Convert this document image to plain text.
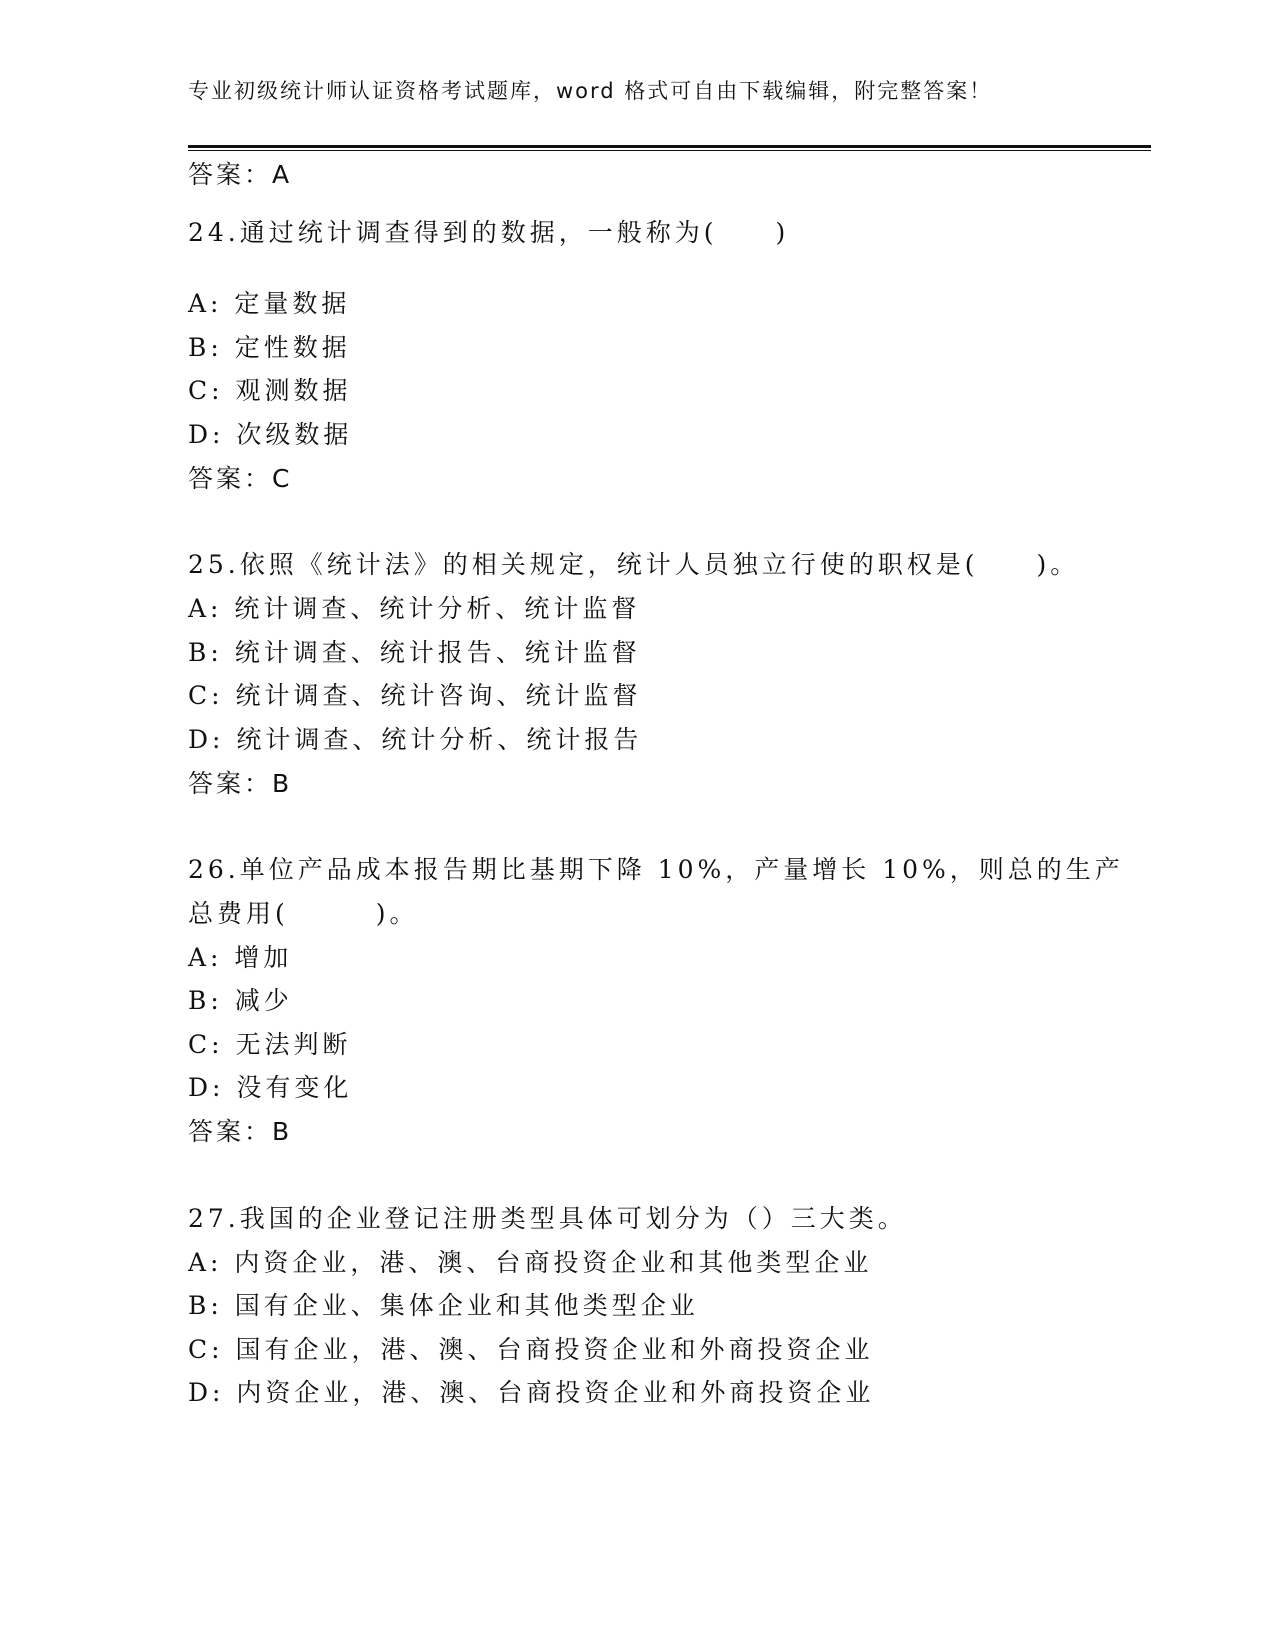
专业初级统计师认证资格考试题库，word 格式可自由下载编辑，附完整答案！
答案：A
24.通过统计调查得到的数据，一般称为(　　)
A: 定量数据
B: 定性数据
C: 观测数据
D: 次级数据
答案：C
25.依照《统计法》的相关规定，统计人员独立行使的职权是(　　)。
A: 统计调查、统计分析、统计监督
B: 统计调查、统计报告、统计监督
C: 统计调查、统计咨询、统计监督
D: 统计调查、统计分析、统计报告
答案：B
26.单位产品成本报告期比基期下降 10%，产量增长 10%，则总的生产
总费用(　　　)。
A: 增加
B: 减少
C: 无法判断
D: 没有变化
答案：B
27.我国的企业登记注册类型具体可划分为（）三大类。
A: 内资企业，港、澳、台商投资企业和其他类型企业
B: 国有企业、集体企业和其他类型企业
C: 国有企业，港、澳、台商投资企业和外商投资企业
D: 内资企业，港、澳、台商投资企业和外商投资企业
